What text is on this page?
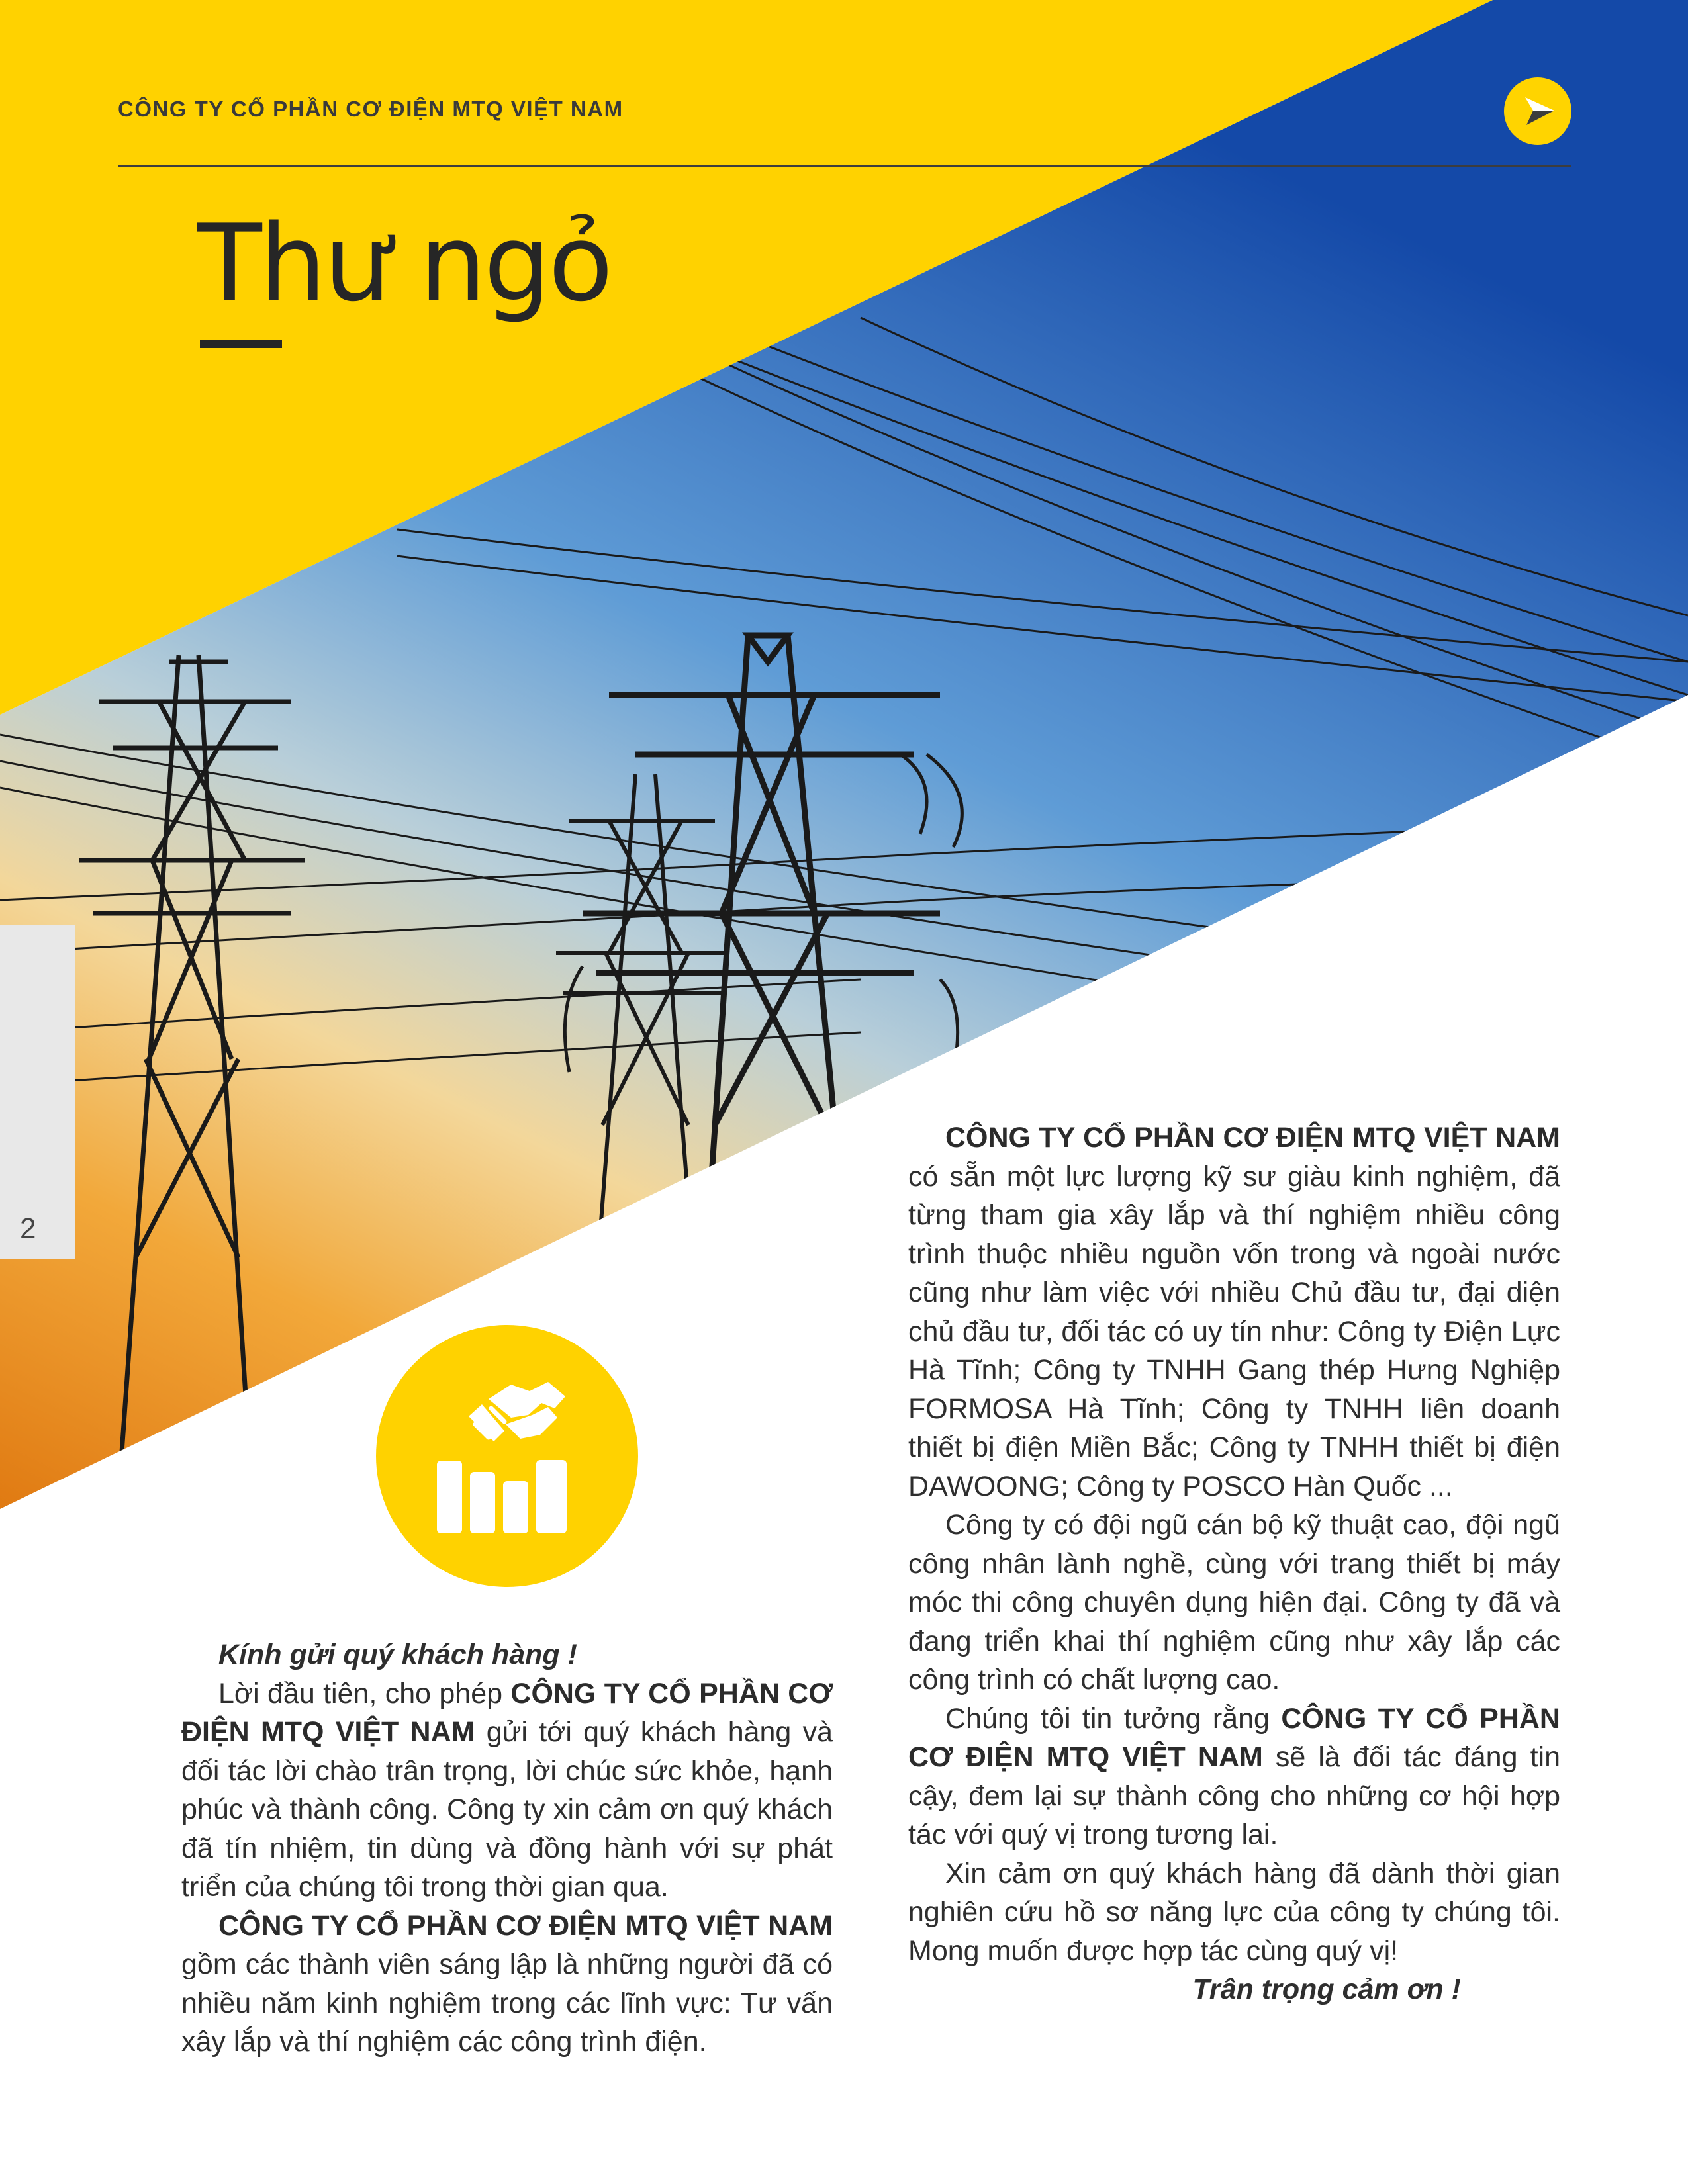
CÔNG TY CỔ PHẦN CƠ ĐIỆN MTQ VIỆT NAM
Thư ngỏ
2

Kính gửi quý khách hàng !

Lời đầu tiên, cho phép CÔNG TY CỔ PHẦN CƠ ĐIỆN MTQ VIỆT NAM gửi tới quý khách hàng và đối tác lời chào trân trọng, lời chúc sức khỏe, hạnh phúc và thành công. Công ty xin cảm ơn quý khách đã tín nhiệm, tin dùng và đồng hành với sự phát triển của chúng tôi trong thời gian qua.

CÔNG TY CỔ PHẦN CƠ ĐIỆN MTQ VIỆT NAM gồm các thành viên sáng lập là những người đã có nhiều năm kinh nghiệm trong các lĩnh vực: Tư vấn xây lắp và thí nghiệm các công trình điện.

CÔNG TY CỔ PHẦN CƠ ĐIỆN MTQ VIỆT NAM có sẵn một lực lượng kỹ sư giàu kinh nghiệm, đã từng tham gia xây lắp và thí nghiệm nhiều công trình thuộc nhiều nguồn vốn trong và ngoài nước cũng như làm việc với nhiều Chủ đầu tư, đại diện chủ đầu tư, đối tác có uy tín như: Công ty Điện Lực Hà Tĩnh; Công ty TNHH Gang thép Hưng Nghiệp FORMOSA Hà Tĩnh; Công ty TNHH liên doanh thiết bị điện Miền Bắc; Công ty TNHH thiết bị điện DAWOONG; Công ty POSCO Hàn Quốc ...

Công ty có đội ngũ cán bộ kỹ thuật cao, đội ngũ công nhân lành nghề, cùng với trang thiết bị máy móc thi công chuyên dụng hiện đại. Công ty đã và đang triển khai thí nghiệm cũng như xây lắp các công trình có chất lượng cao.

Chúng tôi tin tưởng rằng CÔNG TY CỔ PHẦN CƠ ĐIỆN MTQ VIỆT NAM sẽ là đối tác đáng tin cậy, đem lại sự thành công cho những cơ hội hợp tác với quý vị trong tương lai.

Xin cảm ơn quý khách hàng đã dành thời gian nghiên cứu hồ sơ năng lực của công ty chúng tôi. Mong muốn được hợp tác cùng quý vị!

Trân trọng cảm ơn !
